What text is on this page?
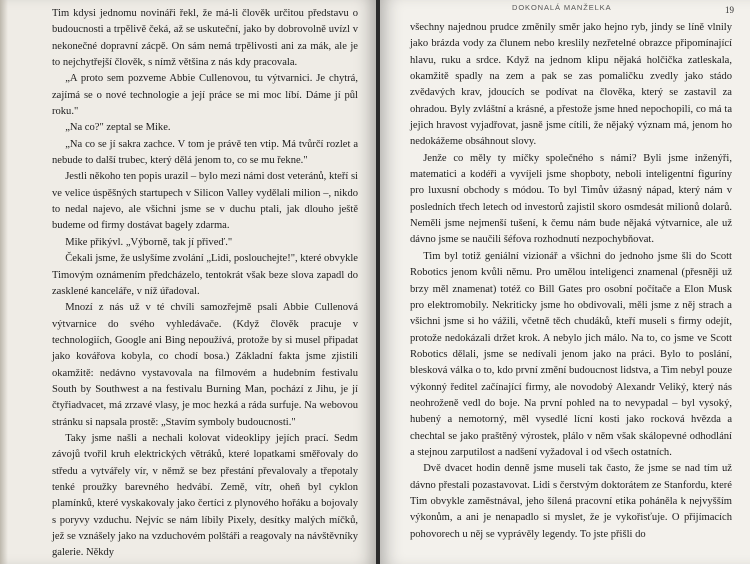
Tim kdysi jednomu novináři řekl, že má-li člověk určitou představu o budoucnosti a trpělivě čeká, až se uskuteční, jako by dobrovolně uvízl v nekonečné dopravní zácpě. On sám nemá trpělivosti ani za mák, ale je to nejchytřejší člověk, s nímž většina z nás kdy pracovala.

„A proto sem pozveme Abbie Cullenovou, tu výtvarnici. Je chytrá, zajímá se o nové technologie a její práce se mi moc líbí. Dáme jí půl roku."

„Na co?" zeptal se Mike.

„Na co se jí sakra zachce. V tom je právě ten vtip. Má tvůrčí rozlet a nebude to další trubec, který dělá jenom to, co se mu řekne."

Jestli někoho ten popis urazil – bylo mezi námi dost veteránů, kteří si ve velice úspěšných startupech v Silicon Valley vydělali milion –, nikdo to nedal najevo, ale všichni jsme se v duchu ptali, jak dlouho ještě budeme od firmy dostávat bagely zdarma.

Mike přikývl. „Výborně, tak jí přiveď."

Čekali jsme, že uslyšíme zvolání „Lidi, poslouchejte!", které obvykle Timovým oznámením předcházelo, tentokrát však beze slova zapadl do zasklené kanceláře, v níž úřadoval.

Mnozí z nás už v té chvíli samozřejmě psali Abbie Cullenová výtvarnice do svého vyhledávače. (Když člověk pracuje v technologiích, Google ani Bing nepoužívá, protože by si musel připadat jako kovářova kobyla, co chodí bosa.) Základní fakta jsme zjistili okamžitě: nedávno vystavovala na filmovém a hudebním festivalu South by Southwest a na festivalu Burning Man, pochází z Jihu, je jí čtyřiadvacet, má zrzavé vlasy, je moc hezká a ráda surfuje. Na webovou stránku si napsala prostě: „Stavím symboly budoucnosti."

Taky jsme našli a nechali kolovat videoklipy jejích prací. Sedm závojů tvořil kruh elektrických větráků, které lopatkami směřovaly do středu a vytvářely vír, v němž se bez přestání převalovaly a třepotaly tenké proužky barevného hedvábí. Země, vítr, oheň byl cyklon plamínků, které vyskakovaly jako čertíci z plynového hořáku a bojovaly s poryvy vzduchu. Nejvíc se nám líbily Pixely, desítky malých míčků, jež se vznášely jako na vzduchovém polštáři a reagovaly na návštěvníky galerie. Někdy

DOKONALÁ MANŽELKA	19

všechny najednou prudce změnily směr jako hejno ryb, jindy se líně vlnily jako brázda vody za člunem nebo kreslily nezřetelné obrazce připomínající hlavu, ruku a srdce. Když na jednom klipu nějaká holčička zatleskala, okamžitě spadly na zem a pak se zas pomaličku zvedly jako stádo zvědavých krav, jdoucích se podívat na člověka, který se zastavil za ohradou. Byly zvláštní a krásné, a přestože jsme hned nepochopili, co má ta jejich hravost vyjadřovat, jasně jsme cítili, že nějaký význam má, jenom ho nedokážeme obsáhnout slovy.

Jenže co měly ty míčky společného s námi? Byli jsme inženýři, matematici a kodéři a vyvíjeli jsme shopboty, neboli inteligentní figuríny pro luxusní obchody s módou. To byl Timův úžasný nápad, který nám v posledních třech letech od investorů zajistil skoro osmdesát milionů dolarů. Neměli jsme nejmenší tušení, k čemu nám bude nějaká výtvarnice, ale už dávno jsme se naučili šéfova rozhodnutí nezpochybňovat.

Tim byl totiž geniální vizionář a všichni do jednoho jsme šli do Scott Robotics jenom kvůli němu. Pro umělou inteligenci znamenal (přesněji už brzy měl znamenat) totéž co Bill Gates pro osobní počítače a Elon Musk pro elektromobily. Nekriticky jsme ho obdivovali, měli jsme z něj strach a všichni jsme si ho vážili, včetně těch chudáků, kteří museli s firmy odejít, protože nedokázali držet krok. A nebylo jich málo. Na to, co jsme ve Scott Robotics dělali, jsme se nedívali jenom jako na práci. Bylo to poslání, blesková válka o to, kdo první změní budoucnost lidstva, a Tim nebyl pouze výkonný ředitel začínající firmy, ale novodobý Alexandr Veliký, který nás neohroženě vedl do boje. Na první pohled na to nevypadal – byl vysoký, hubený a nemotorný, měl vysedlé lícní kosti jako rocková hvězda a chechtal se jako praštěný výrostek, plálo v něm však skálopevné odhodlání a stejnou zarputilost a nadšení vyžadoval i od všech ostatních.

Dvě dvacet hodin denně jsme museli tak často, že jsme se nad tím už dávno přestali pozastavovat. Lidi s čerstvým doktorátem ze Stanfordu, které Tim obvykle zaměstnával, jeho šílená pracovní etika poháněla k nejvyšším výkonům, a ani je nenapadlo si myslet, že je vykořisťuje. O přijímacích pohovorech u něj se vyprávěly legendy. To jste přišli do
